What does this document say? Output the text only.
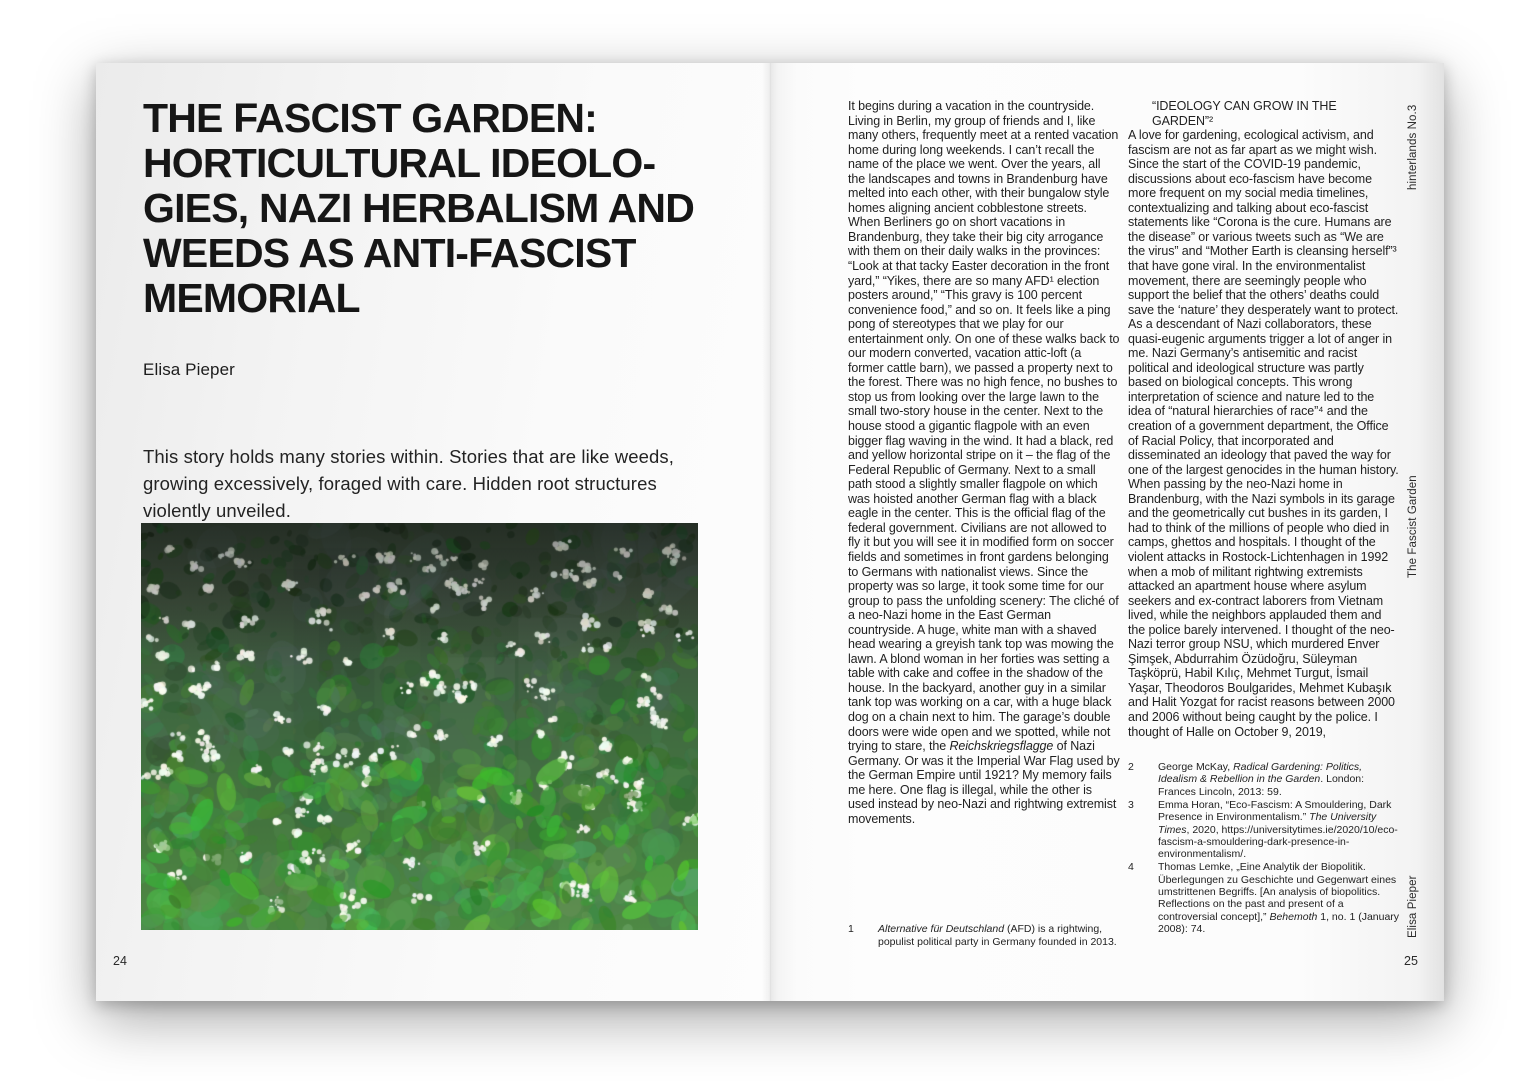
THE FASCIST GARDEN:
HORTICULTURAL IDEOLO-
GIES, NAZI HERBALISM AND
WEEDS AS ANTI-FASCIST
MEMORIAL
Elisa Pieper
This story holds many stories within. Stories that are like weeds, growing excessively, foraged with care. Hidden root structures violently unveiled.
24
It begins during a vacation in the countryside. Living in Berlin, my group of friends and I, like many others, frequently meet at a rented vacation home during long weekends. I can’t recall the name of the place we went. Over the years, all the landscapes and towns in Brandenburg have melted into each other, with their bungalow style homes aligning ancient cobblestone streets. When Berliners go on short vacations in Brandenburg, they take their big city arrogance with them on their daily walks in the provinces: “Look at that tacky Easter decoration in the front yard,” “Yikes, there are so many AFD¹ election posters around,” “This gravy is 100 percent convenience food,” and so on. It feels like a ping pong of stereotypes that we play for our entertainment only. On one of these walks back to our modern converted, vacation attic-loft (a former cattle barn), we passed a property next to the forest. There was no high fence, no bushes to stop us from looking over the large lawn to the small two-story house in the center. Next to the house stood a gigantic flagpole with an even bigger flag waving in the wind. It had a black, red and yellow horizontal stripe on it – the flag of the Federal Republic of Germany. Next to a small path stood a slightly smaller flagpole on which was hoisted another German flag with a black eagle in the center. This is the official flag of the federal government. Civilians are not allowed to fly it but you will see it in modified form on soccer fields and sometimes in front gardens belonging to Germans with nationalist views. Since the property was so large, it took some time for our group to pass the unfolding scenery: The cliché of a neo-Nazi home in the East German countryside. A huge, white man with a shaved head wearing a greyish tank top was mowing the lawn. A blond woman in her forties was setting a table with cake and coffee in the shadow of the house. In the backyard, another guy in a similar tank top was working on a car, with a huge black dog on a chain next to him. The garage’s double doors were wide open and we spotted, while not trying to stare, the Reichskriegsflagge of Nazi Germany. Or was it the Imperial War Flag used by the German Empire until 1921? My memory fails me here. One flag is illegal, while the other is used instead by neo-Nazi and rightwing extremist movements.
1	Alternative für Deutschland (AFD) is a rightwing, populist political party in Germany founded in 2013.
“IDEOLOGY CAN GROW IN THE GARDEN”²
A love for gardening, ecological activism, and fascism are not as far apart as we might wish. Since the start of the COVID-19 pandemic, discussions about eco-fascism have become more frequent on my social media timelines, contextualizing and talking about eco-fascist statements like “Corona is the cure. Humans are the disease” or various tweets such as “We are the virus” and “Mother Earth is cleansing herself”³ that have gone viral. In the environmentalist movement, there are seemingly people who support the belief that the others’ deaths could save the ‘nature’ they desperately want to protect. As a descendant of Nazi collaborators, these quasi-eugenic arguments trigger a lot of anger in me. Nazi Germany’s antisemitic and racist political and ideological structure was partly based on biological concepts. This wrong interpretation of science and nature led to the idea of “natural hierarchies of race”⁴ and the creation of a government department, the Office of Racial Policy, that incorporated and disseminated an ideology that paved the way for one of the largest genocides in the human history. When passing by the neo-Nazi home in Brandenburg, with the Nazi symbols in its garage and the geometrically cut bushes in its garden, I had to think of the millions of people who died in camps, ghettos and hospitals. I thought of the violent attacks in Rostock-Lichtenhagen in 1992 when a mob of militant rightwing extremists attacked an apartment house where asylum seekers and ex-contract laborers from Vietnam lived, while the neighbors applauded them and the police barely intervened. I thought of the neo-Nazi terror group NSU, which murdered Enver Şimşek, Abdurrahim Özüdoğru, Süleyman Taşköprü, Habil Kılıç, Mehmet Turgut, İsmail Yaşar, Theodoros Boulgarides, Mehmet Kubaşık and Halit Yozgat for racist reasons between 2000 and 2006 without being caught by the police. I thought of Halle on October 9, 2019,
2	George McKay, Radical Gardening: Politics, Idealism & Rebellion in the Garden. London: Frances Lincoln, 2013: 59.
3	Emma Horan, “Eco-Fascism: A Smouldering, Dark Presence in Environmentalism.” The University Times, 2020, https://universitytimes.ie/2020/10/eco-fascism-a-smouldering-dark-presence-in-environmentalism/.
4	Thomas Lemke, „Eine Analytik der Biopolitik. Überlegungen zu Geschichte und Gegenwart eines umstrittenen Begriffs. [An analysis of biopolitics. Reflections on the past and present of a controversial concept],” Behemoth 1, no. 1 (January 2008): 74.
hinterlands No.3
The Fascist Garden
Elisa Pieper
25
